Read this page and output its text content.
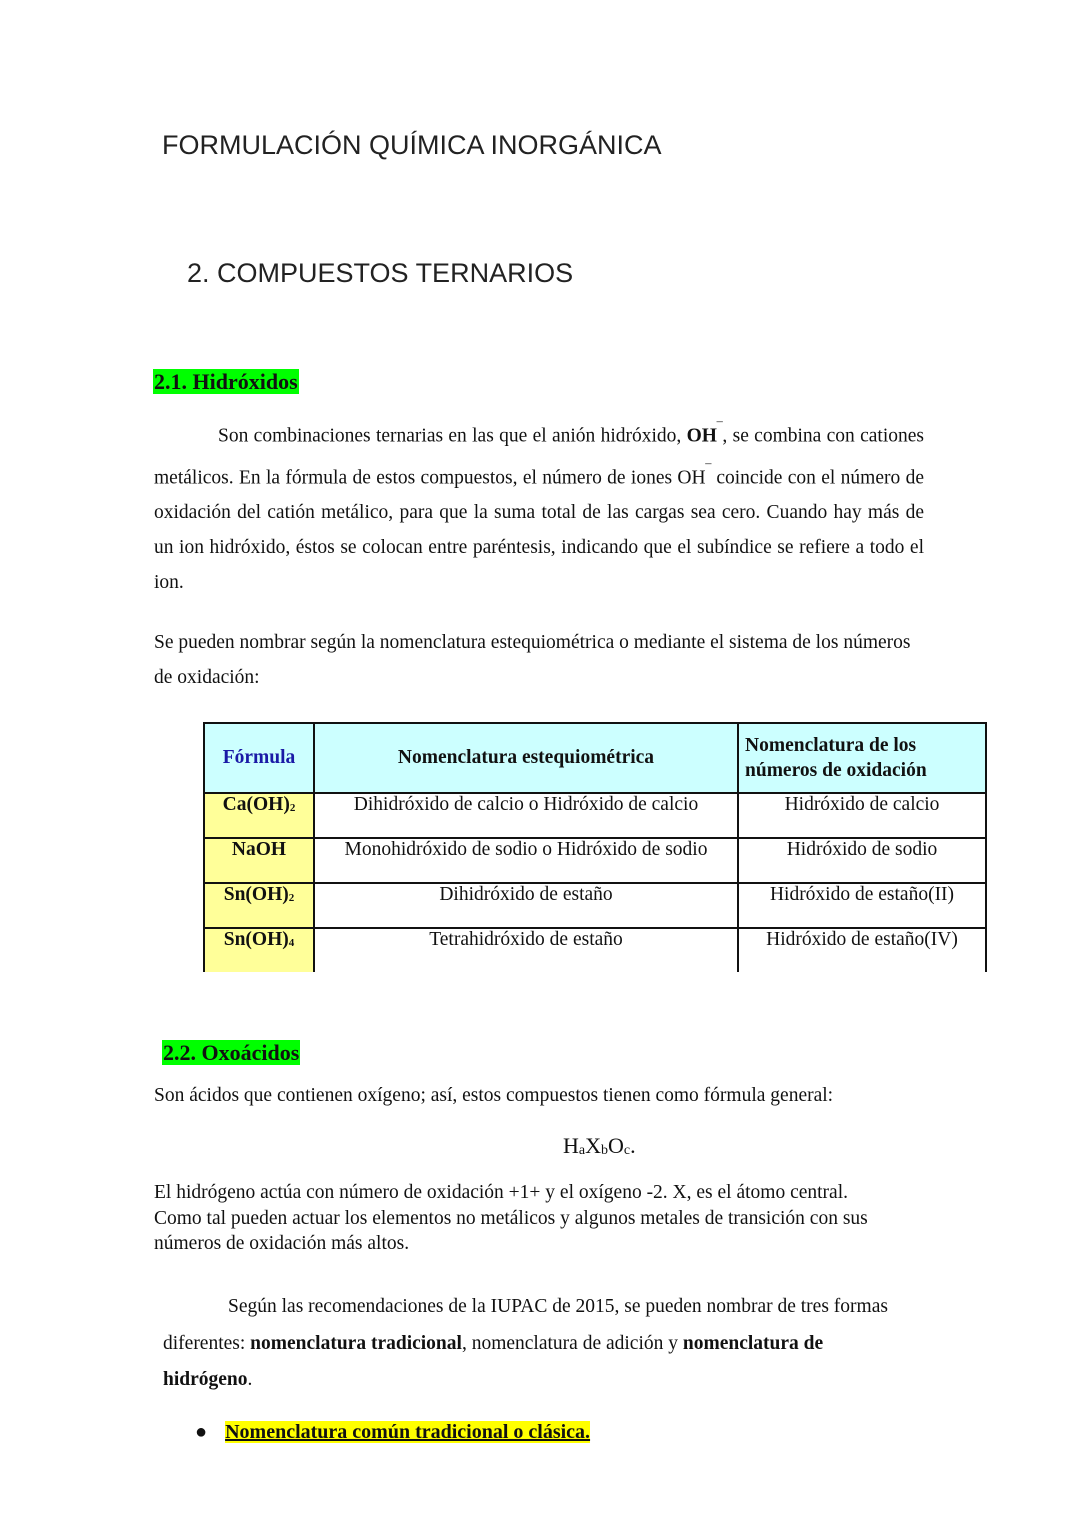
FORMULACIÓN QUÍMICA INORGÁNICA
2. COMPUESTOS TERNARIOS
2.1. Hidróxidos
Son combinaciones ternarias en las que el anión hidróxido, OH‾, se combina con cationes metálicos. En la fórmula de estos compuestos, el número de iones OH‾ coincide con el número de oxidación del catión metálico, para que la suma total de las cargas sea cero. Cuando hay más de un ion hidróxido, éstos se colocan entre paréntesis, indicando que el subíndice se refiere a todo el ion.
Se pueden nombrar según la nomenclatura estequiométrica o mediante el sistema de los números de oxidación:
Fórmula	Nomenclatura estequiométrica	Nomenclatura de los números de oxidación
$Ca(OH)_2$	Dihidróxido de calcio o Hidróxido de calcio	Hidróxido de calcio
NaOH	Monohidróxido de sodio o Hidróxido de sodio	Hidróxido de sodio
$Sn(OH)_2$	Dihidróxido de estaño	Hidróxido de estaño(II)
$Sn(OH)_4$	Tetrahidróxido de estaño	Hidróxido de estaño(IV)
2.2. Oxoácidos
Son ácidos que contienen oxígeno; así, estos compuestos tienen como fórmula general:
$H_aX_bO_c$.
El hidrógeno actúa con número de oxidación +1+ y el oxígeno -2. X, es el átomo central. Como tal pueden actuar los elementos no metálicos y algunos metales de transición con sus números de oxidación más altos.
Según las recomendaciones de la IUPAC de 2015, se pueden nombrar de tres formas diferentes: nomenclatura tradicional, nomenclatura de adición y nomenclatura de hidrógeno.
● Nomenclatura común tradicional o clásica.
